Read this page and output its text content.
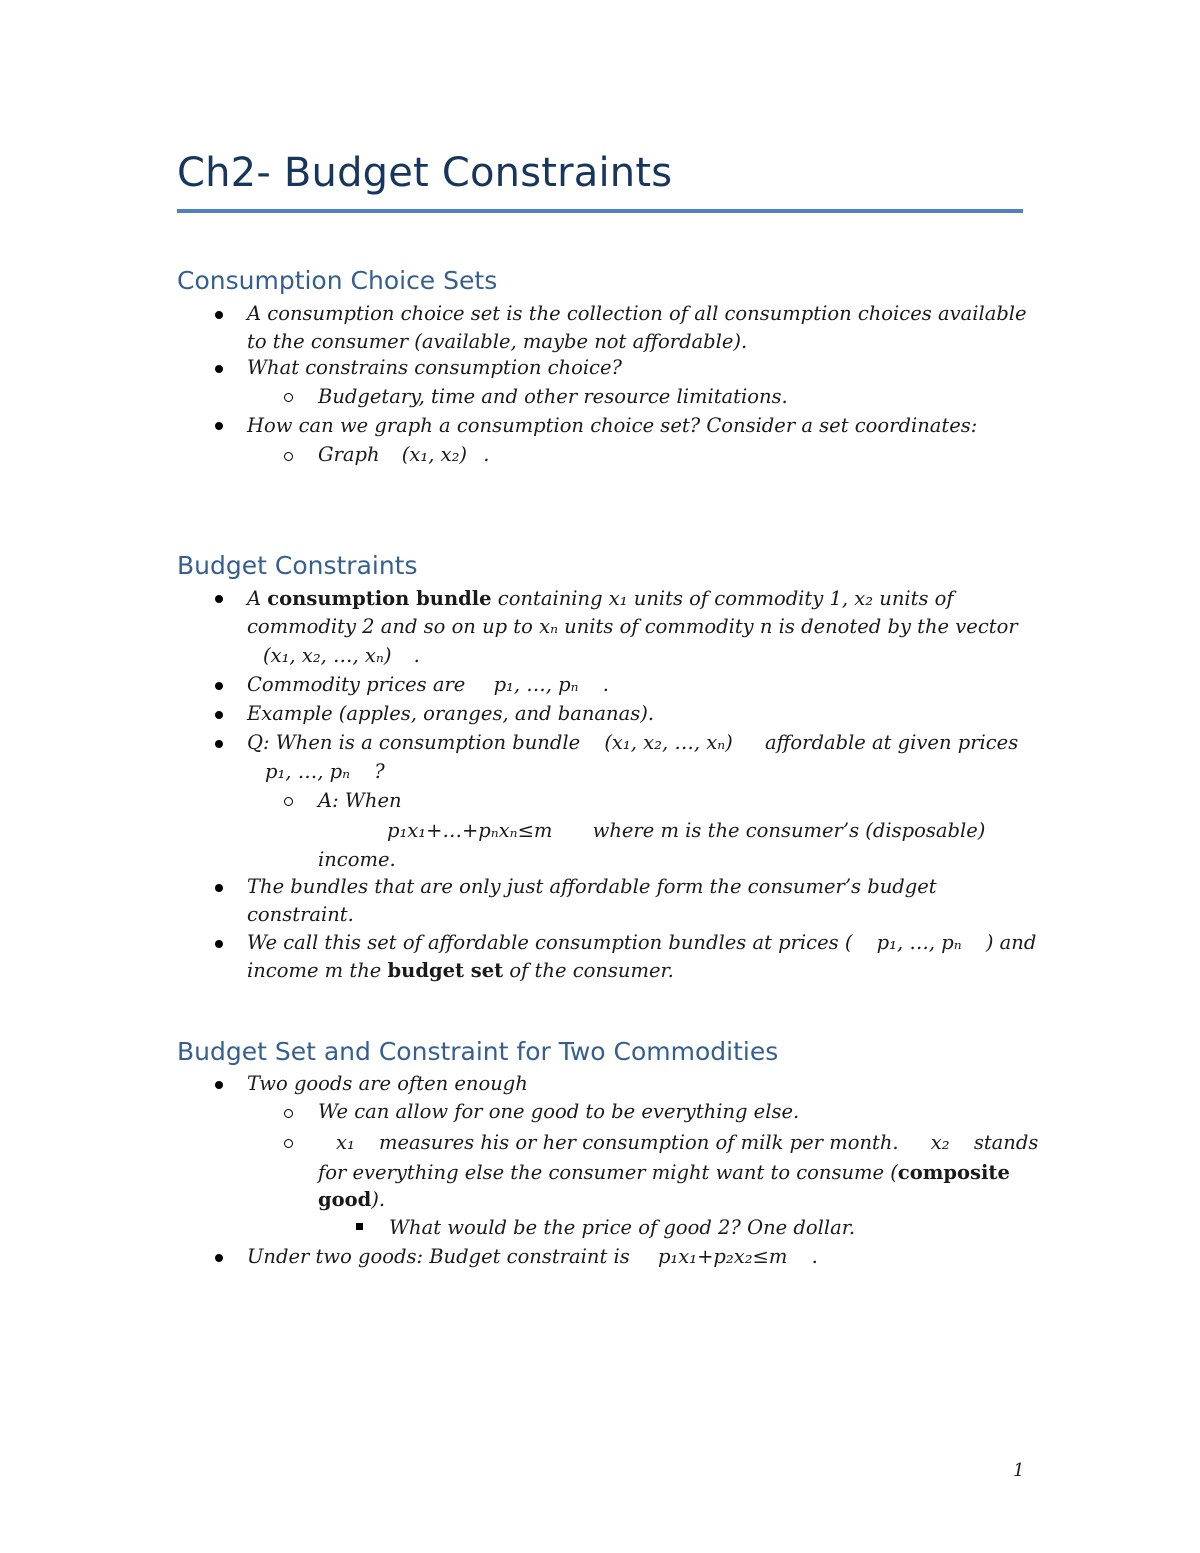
Ch2- Budget Constraints
Consumption Choice Sets
A consumption choice set is the collection of all consumption choices available
to the consumer (available, maybe not affordable).
What constrains consumption choice?
Budgetary, time and other resource limitations.
How can we graph a consumption choice set? Consider a set coordinates:
Graph (x₁, x₂) .
Budget Constraints
A consumption bundle containing x₁ units of commodity 1, x₂ units of
commodity 2 and so on up to xₙ units of commodity n is denoted by the vector
(x₁, x₂, …, xₙ) .
Commodity prices are p₁, …, pₙ .
Example (apples, oranges, and bananas).
Q: When is a consumption bundle (x₁, x₂, …, xₙ) affordable at given prices
p₁, …, pₙ ?
A: When
p₁x₁+…+pₙxₙ≤m where m is the consumer’s (disposable)
income.
The bundles that are only just affordable form the consumer’s budget
constraint.
We call this set of affordable consumption bundles at prices ( p₁, …, pₙ ) and
income m the budget set of the consumer.
Budget Set and Constraint for Two Commodities
Two goods are often enough
We can allow for one good to be everything else.
x₁ measures his or her consumption of milk per month. x₂ stands
for everything else the consumer might want to consume (composite
good).
What would be the price of good 2? One dollar.
Under two goods: Budget constraint is p₁x₁+p₂x₂≤m .
1
